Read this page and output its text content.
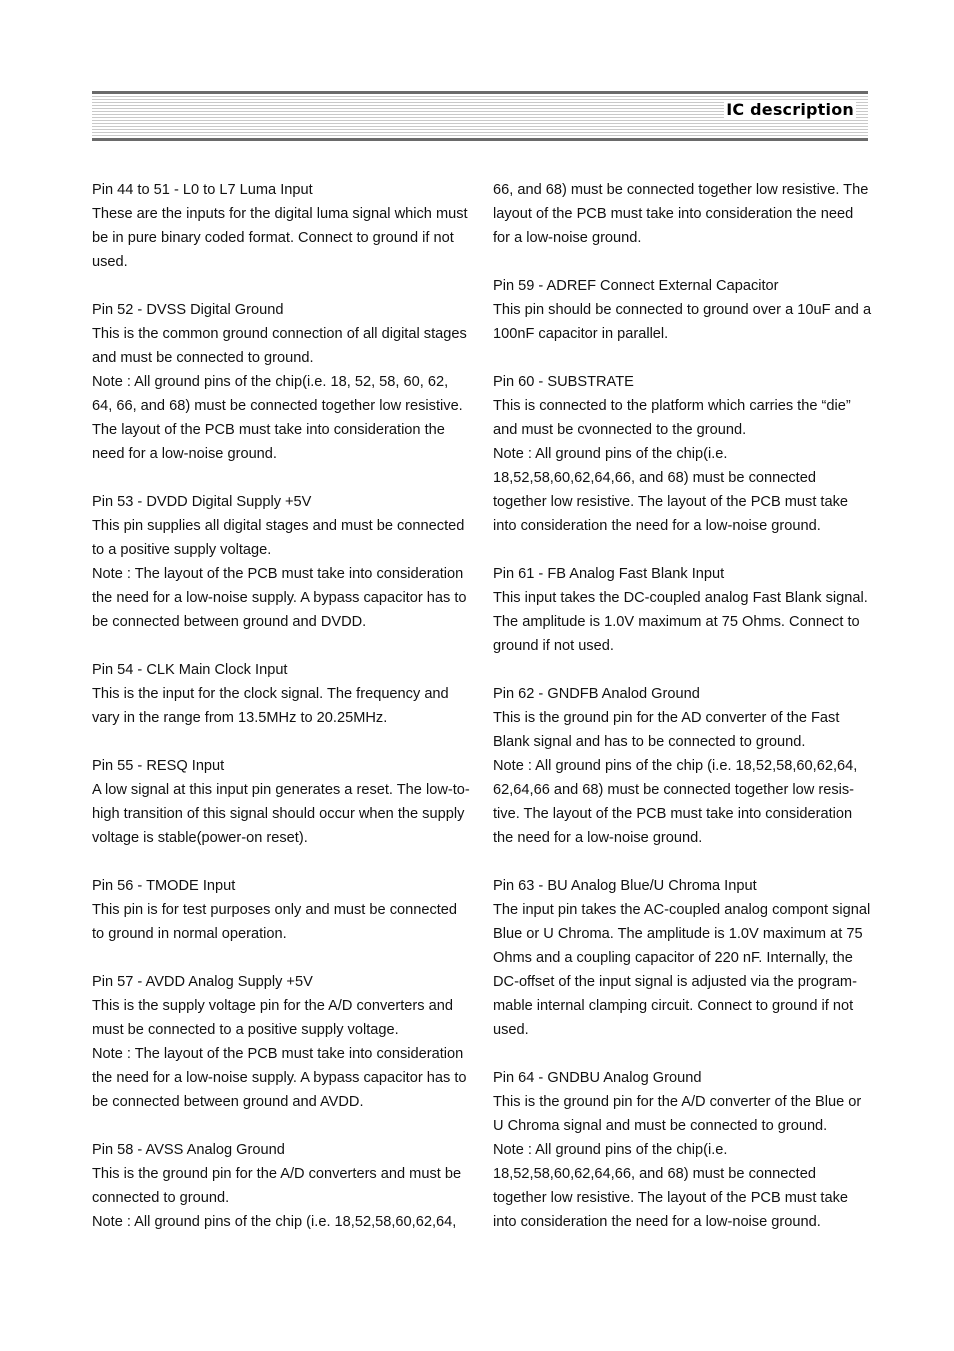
IC description
Pin 44 to 51 - L0 to L7 Luma Input
These are the inputs for the digital luma signal which must
be in pure binary coded format. Connect to ground if not
used.
Pin 52 - DVSS Digital Ground
This is the common ground connection of all digital stages
and must be connected to ground.
Note : All ground pins of the chip(i.e. 18, 52, 58, 60, 62,
64, 66, and 68) must be connected together low resistive.
The layout of the PCB must take into consideration the
need for a low-noise ground.
Pin 53 - DVDD Digital Supply +5V
This pin supplies all digital stages and must be connected
to a positive supply voltage.
Note : The layout of the PCB must take into consideration
the need for a low-noise supply. A bypass capacitor has to
be connected between ground and DVDD.
Pin 54 - CLK Main Clock Input
This is the input for the clock signal. The frequency and
vary in the range from 13.5MHz to 20.25MHz.
Pin 55 - RESQ Input
A low signal at this input pin generates a reset. The low-to-
high transition of this signal should occur when the supply
voltage is stable(power-on reset).
Pin 56 - TMODE Input
This pin is for test purposes only and must be connected
to ground in normal operation.
Pin 57 - AVDD Analog Supply +5V
This is the supply voltage pin for the A/D converters and
must be connected to a positive supply voltage.
Note : The layout of the PCB must take into consideration
the need for a low-noise supply. A bypass capacitor has to
be connected between ground and AVDD.
Pin 58 - AVSS Analog Ground
This is the ground pin for the A/D converters and must be
connected to ground.
Note : All ground pins of the chip (i.e. 18,52,58,60,62,64,
66, and 68) must be connected together low resistive. The
layout of the PCB must take into consideration the need
for a low-noise ground.
Pin 59 - ADREF Connect External Capacitor
This pin should be connected to ground over a 10uF and a
100nF capacitor in parallel.
Pin 60 - SUBSTRATE
This is connected to the platform which carries the “die”
and must be cvonnected to the ground.
Note : All ground pins of the chip(i.e.
18,52,58,60,62,64,66, and 68) must be connected
together low resistive. The layout of the PCB must take
into consideration the need for a low-noise ground.
Pin 61 - FB Analog Fast Blank Input
This input takes the DC-coupled analog Fast Blank signal.
The amplitude is 1.0V maximum at 75 Ohms. Connect to
ground if not used.
Pin 62 - GNDFB Analod Ground
This is the ground pin for the AD converter of the Fast
Blank signal and has to be connected to ground.
Note : All ground pins of the chip (i.e. 18,52,58,60,62,64,
62,64,66 and 68) must be connected together low resis-
tive. The layout of the PCB must take into consideration
the need for a low-noise ground.
Pin 63 - BU Analog Blue/U Chroma Input
The input pin takes the AC-coupled analog compont signal
Blue or U Chroma. The amplitude is 1.0V maximum at 75
Ohms and a coupling capacitor of 220 nF. Internally, the
DC-offset of the input signal is adjusted via the program-
mable internal clamping circuit. Connect to ground if not
used.
Pin 64 - GNDBU Analog Ground
This is the ground pin for the A/D converter of the Blue or
U Chroma signal and must be connected to ground.
Note : All ground pins of the chip(i.e.
18,52,58,60,62,64,66, and 68) must be connected
together low resistive. The layout of the PCB must take
into consideration the need for a low-noise ground.
